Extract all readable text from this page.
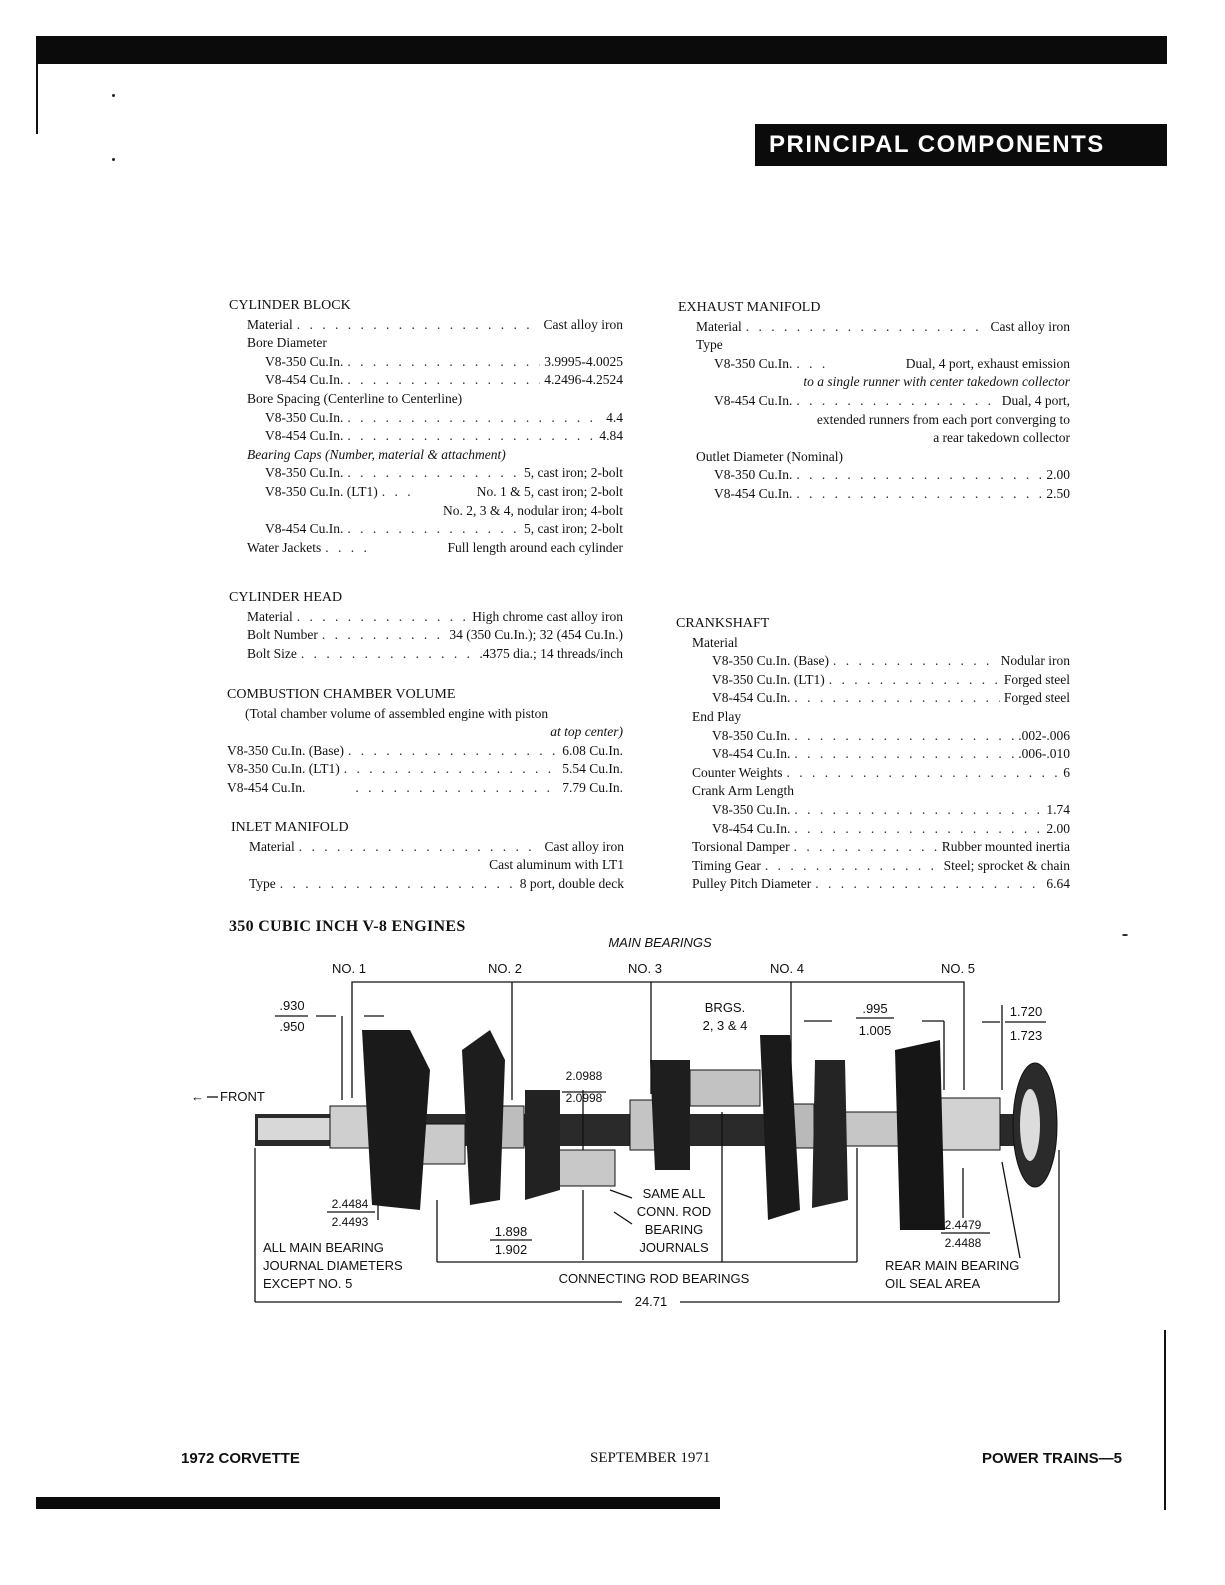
PRINCIPAL COMPONENTS
CYLINDER BLOCK
Material . . .	Cast alloy iron
Bore Diameter
V8-350 Cu.In. . . .	3.9995-4.0025
V8-454 Cu.In. . . .	4.2496-4.2524
Bore Spacing (Centerline to Centerline)
V8-350 Cu.In. . . .	4.4
V8-454 Cu.In. . . .	4.84
Bearing Caps (Number, material & attachment)
V8-350 Cu.In. . . .	5, cast iron; 2-bolt
V8-350 Cu.In. (LT1) . . .	No. 1 & 5, cast iron; 2-bolt
No. 2, 3 & 4, nodular iron; 4-bolt
V8-454 Cu.In. . . .	5, cast iron; 2-bolt
Water Jackets . . .	Full length around each cylinder
CYLINDER HEAD
Material . . .	High chrome cast alloy iron
Bolt Number . . .	34 (350 Cu.In.); 32 (454 Cu.In.)
Bolt Size . . .	.4375 dia.; 14 threads/inch
COMBUSTION CHAMBER VOLUME
(Total chamber volume of assembled engine with piston
at top center)
V8-350 Cu.In. (Base) . . .	6.08 Cu.In.
V8-350 Cu.In. (LT1) . . .	5.54 Cu.In.
V8-454 Cu.In. . . .	7.79 Cu.In.
INLET MANIFOLD
Material . . .	Cast alloy iron
Cast aluminum with LT1
Type . . .	8 port, double deck
EXHAUST MANIFOLD
Material . . .	Cast alloy iron
Type
V8-350 Cu.In. . . .	Dual, 4 port, exhaust emission
to a single runner with center takedown collector
V8-454 Cu.In. . . .	Dual, 4 port,
extended runners from each port converging to
a rear takedown collector
Outlet Diameter (Nominal)
V8-350 Cu.In. . . .	2.00
V8-454 Cu.In. . . .	2.50
CRANKSHAFT
Material
V8-350 Cu.In. (Base) . . .	Nodular iron
V8-350 Cu.In. (LT1) . . .	Forged steel
V8-454 Cu.In. . . .	Forged steel
End Play
V8-350 Cu.In. . . .	.002-.006
V8-454 Cu.In. . . .	.006-.010
Counter Weights . . .	6
Crank Arm Length
V8-350 Cu.In. . . .	1.74
V8-454 Cu.In. . . .	2.00
Torsional Damper . . .	Rubber mounted inertia
Timing Gear . . .	Steel; sprocket & chain
Pulley Pitch Diameter . . .	6.64
350 CUBIC INCH V-8 ENGINES
MAIN BEARINGS
NO. 1	NO. 2	NO. 3	NO. 4	NO. 5
FRONT
←
.930
.950
BRGS.
2, 3 & 4
.995
1.005
1.720
1.723
2.0988
2.0998
2.4484
2.4493
1.898
1.902
2.4479
2.4488
SAME ALL
CONN. ROD
BEARING
JOURNALS
ALL MAIN BEARING
JOURNAL DIAMETERS
EXCEPT NO. 5	CONNECTING ROD BEARINGS
REAR MAIN BEARING
OIL SEAL AREA
24.71
1972 CORVETTE	SEPTEMBER 1971	POWER TRAINS—5
